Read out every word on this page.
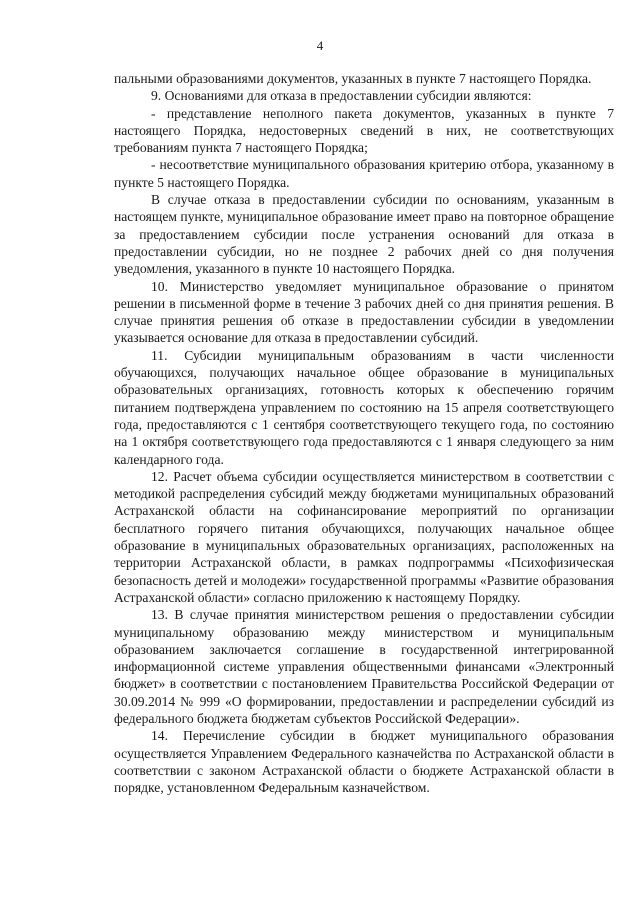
4

пальными образованиями документов, указанных в пункте 7 настоящего Порядка.

9. Основаниями для отказа в предоставлении субсидии являются:

- представление неполного пакета документов, указанных в пункте 7 настоящего Порядка, недостоверных сведений в них, не соответствующих требованиям пункта 7 настоящего Порядка;

- несоответствие муниципального образования критерию отбора, указанному в пункте 5 настоящего Порядка.

В случае отказа в предоставлении субсидии по основаниям, указанным в настоящем пункте, муниципальное образование имеет право на повторное обращение за предоставлением субсидии после устранения оснований для отказа в предоставлении субсидии, но не позднее 2 рабочих дней со дня получения уведомления, указанного в пункте 10 настоящего Порядка.

10. Министерство уведомляет муниципальное образование о принятом решении в письменной форме в течение 3 рабочих дней со дня принятия решения. В случае принятия решения об отказе в предоставлении субсидии в уведомлении указывается основание для отказа в предоставлении субсидий.

11. Субсидии муниципальным образованиям в части численности обучающихся, получающих начальное общее образование в муниципальных образовательных организациях, готовность которых к обеспечению горячим питанием подтверждена управлением по состоянию на 15 апреля соответствующего года, предоставляются с 1 сентября соответствующего текущего года, по состоянию на 1 октября соответствующего года предоставляются с 1 января следующего за ним календарного года.

12. Расчет объема субсидии осуществляется министерством в соответствии с методикой распределения субсидий между бюджетами муниципальных образований Астраханской области на софинансирование мероприятий по организации бесплатного горячего питания обучающихся, получающих начальное общее образование в муниципальных образовательных организациях, расположенных на территории Астраханской области, в рамках подпрограммы «Психофизическая безопасность детей и молодежи» государственной программы «Развитие образования Астраханской области» согласно приложению к настоящему Порядку.

13. В случае принятия министерством решения о предоставлении субсидии муниципальному образованию между министерством и муниципальным образованием заключается соглашение в государственной интегрированной информационной системе управления общественными финансами «Электронный бюджет» в соответствии с постановлением Правительства Российской Федерации от 30.09.2014 № 999 «О формировании, предоставлении и распределении субсидий из федерального бюджета бюджетам субъектов Российской Федерации».

14. Перечисление субсидии в бюджет муниципального образования осуществляется Управлением Федерального казначейства по Астраханской области в соответствии с законом Астраханской области о бюджете Астраханской области в порядке, установленном Федеральным казначейством.
